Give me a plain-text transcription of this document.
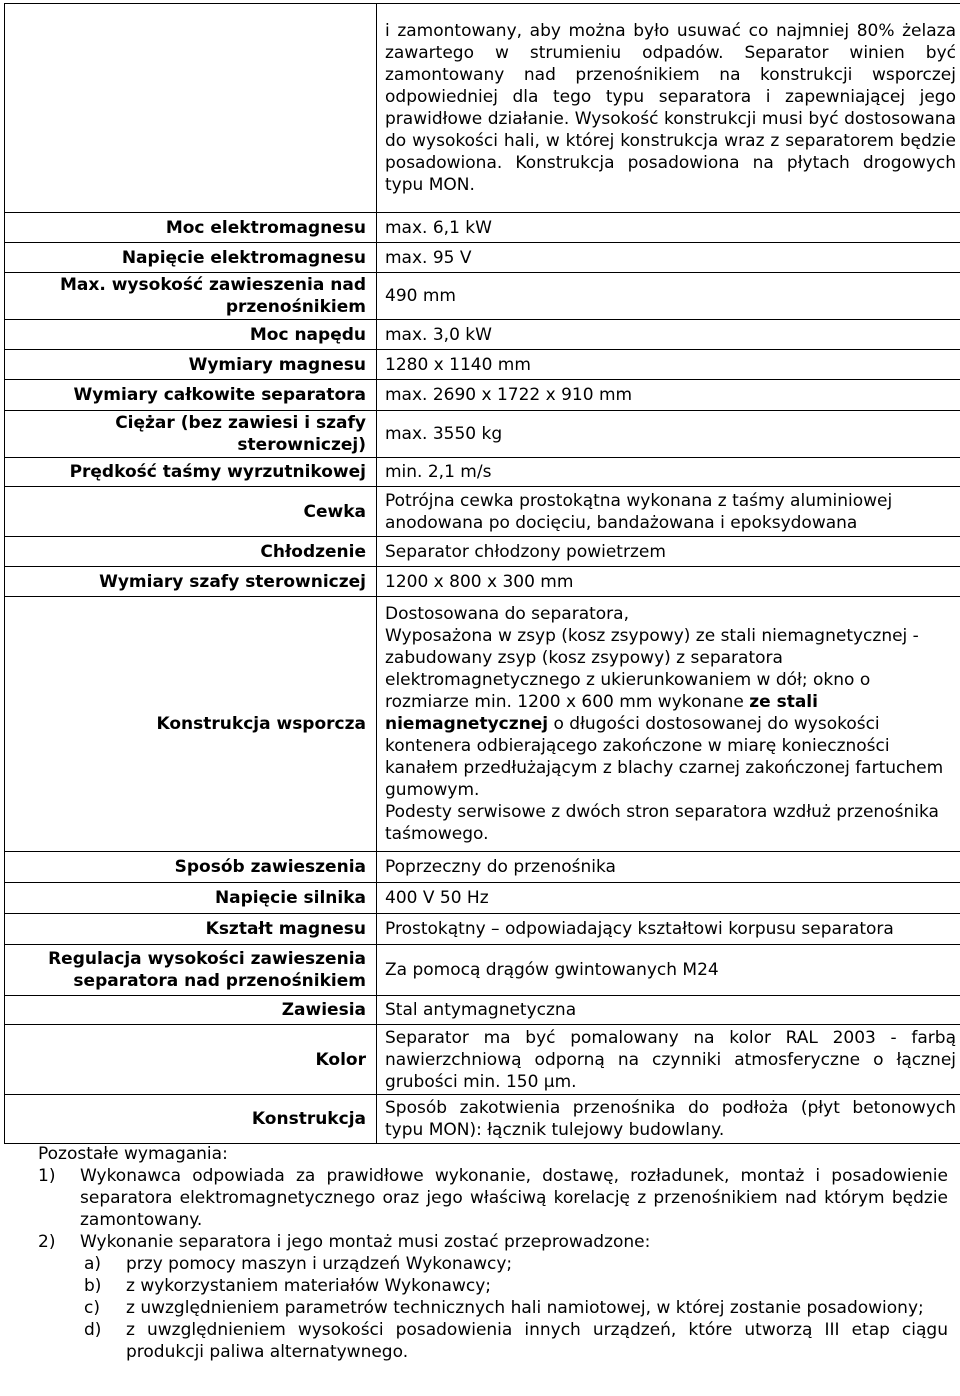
	i zamontowany, aby można było usuwać co najmniej 80% żelaza zawartego w strumieniu odpadów. Separator winien być zamontowany nad przenośnikiem na konstrukcji wsporczej odpowiedniej dla tego typu separatora i zapewniającej jego prawidłowe działanie. Wysokość konstrukcji musi być dostosowana do wysokości hali, w której konstrukcja wraz z separatorem będzie posadowiona. Konstrukcja posadowiona na płytach drogowych typu MON.
Moc elektromagnesu	max. 6,1 kW
Napięcie elektromagnesu	max. 95 V
Max. wysokość zawieszenia nad przenośnikiem	490 mm
Moc napędu	max. 3,0 kW
Wymiary magnesu	1280 x 1140 mm
Wymiary całkowite separatora	max. 2690 x 1722 x 910 mm
Ciężar (bez zawiesi i szafy sterowniczej)	max. 3550 kg
Prędkość taśmy wyrzutnikowej	min. 2,1 m/s
Cewka	Potrójna cewka prostokątna wykonana z taśmy aluminiowej anodowana po docięciu, bandażowana i epoksydowana
Chłodzenie	Separator chłodzony powietrzem
Wymiary szafy sterowniczej	1200 x 800 x 300 mm
Konstrukcja wsporcza	Dostosowana do separatora,
Wyposażona w zsyp (kosz zsypowy) ze stali niemagnetycznej - zabudowany zsyp (kosz zsypowy) z separatora elektromagnetycznego z ukierunkowaniem w dół; okno o rozmiarze min. 1200 x 600 mm wykonane ze stali niemagnetycznej o długości dostosowanej do wysokości kontenera odbierającego zakończone w miarę konieczności kanałem przedłużającym z blachy czarnej zakończonej fartuchem gumowym.
Podesty serwisowe z dwóch stron separatora wzdłuż przenośnika taśmowego.

Sposób zawieszenia	Poprzeczny do przenośnika
Napięcie silnika	400 V 50 Hz
Kształt magnesu	Prostokątny – odpowiadający kształtowi korpusu separatora
Regulacja wysokości zawieszenia separatora nad przenośnikiem	Za pomocą drągów gwintowanych M24
Zawiesia	Stal antymagnetyczna
Kolor	Separator ma być pomalowany na kolor RAL 2003 - farbą nawierzchniową odporną na czynniki atmosferyczne o łącznej grubości min. 150 µm.
Konstrukcja	Sposób zakotwienia przenośnika do podłoża (płyt betonowych typu MON): łącznik tulejowy budowlany.

Pozostałe wymagania:

1)	Wykonawca odpowiada za prawidłowe wykonanie, dostawę, rozładunek, montaż i posadowienie separatora elektromagnetycznego oraz jego właściwą korelację z przenośnikiem nad którym będzie zamontowany.
2)	Wykonanie separatora i jego montaż musi zostać przeprowadzone:
a)	przy pomocy maszyn i urządzeń Wykonawcy;
b)	z wykorzystaniem materiałów Wykonawcy;
c)	z uwzględnieniem parametrów technicznych hali namiotowej, w której zostanie posadowiony;
d)	z uwzględnieniem wysokości posadowienia innych urządzeń, które utworzą III etap ciągu produkcji paliwa alternatywnego.
